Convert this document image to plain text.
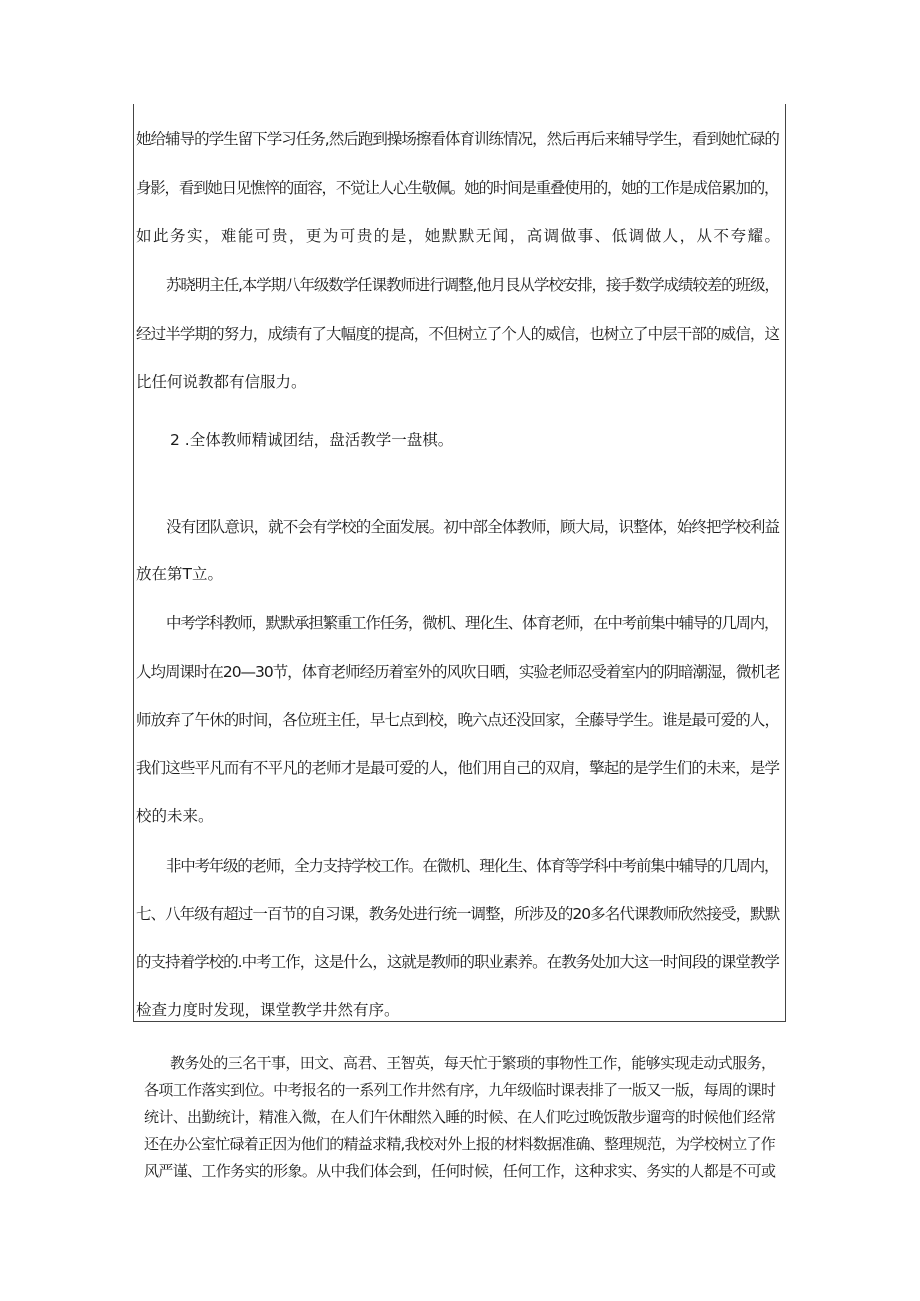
她给辅导的学生留下学习任务,然后跑到操场擦看体育训练情况，然后再后来辅导学生，看到她忙碌的
身影，看到她日见憔悴的面容，不觉让人心生敬佩。她的时间是重叠使用的，她的工作是成倍累加的，
如此务实，难能可贵，更为可贵的是，她默默无闻，高调做事、低调做人，从不夸耀。
苏晓明主任,本学期八年级数学任课教师进行调整,他月艮从学校安排，接手数学成绩较差的班级，
经过半学期的努力，成绩有了大幅度的提高，不但树立了个人的威信，也树立了中层干部的威信，这
比任何说教都有信服力。
2 .全体教师精诚团结，盘活教学一盘棋。
没有团队意识，就不会有学校的全面发展。初中部全体教师，顾大局，识整体，始终把学校利益
放在第T立。
中考学科教师，默默承担繁重工作任务，微机、理化生、体育老师，在中考前集中辅导的几周内，
人均周课时在20—30节，体育老师经历着室外的风吹日晒，实验老师忍受着室内的阴暗潮湿，微机老
师放弃了午休的时间，各位班主任，早七点到校，晚六点还没回家，全藤导学生。谁是最可爱的人，
我们这些平凡而有不平凡的老师才是最可爱的人，他们用自己的双肩，擎起的是学生们的未来，是学
校的未来。
非中考年级的老师，全力支持学校工作。在微机、理化生、体育等学科中考前集中辅导的几周内，
七、八年级有超过一百节的自习课，教务处进行统一调整，所涉及的20多名代课教师欣然接受，默默
的支持着学校的.中考工作，这是什么，这就是教师的职业素养。在教务处加大这一时间段的课堂教学
检查力度时发现，课堂教学井然有序。
教务处的三名干事，田文、高君、王智英，每天忙于繁琐的事物性工作，能够实现走动式服务，
各项工作落实到位。中考报名的一系列工作井然有序，九年级临时课表排了一版又一版，每周的课时
统计、出勤统计，精准入微，在人们午休酣然入睡的时候、在人们吃过晚饭散步遛弯的时候他们经常
还在办公室忙碌着正因为他们的精益求精,我校对外上报的材料数据准确、整理规范，为学校树立了作
风严谨、工作务实的形象。从中我们体会到，任何时候，任何工作，这种求实、务实的人都是不可或
